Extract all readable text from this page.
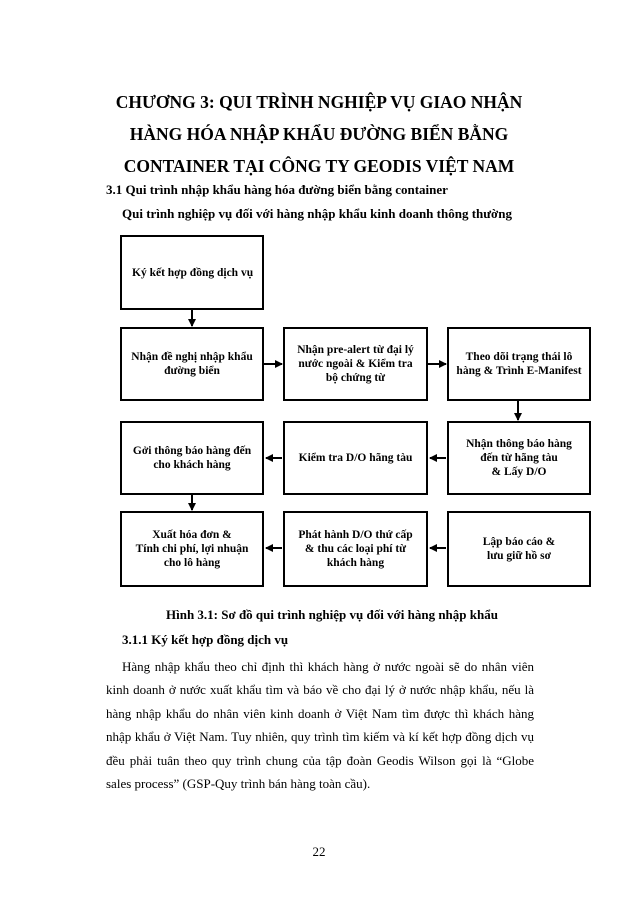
CHƯƠNG 3: QUI TRÌNH NGHIỆP VỤ GIAO NHẬN
HÀNG HÓA NHẬP KHẨU ĐƯỜNG BIỂN BẰNG
CONTAINER TẠI CÔNG TY GEODIS VIỆT NAM
3.1 Qui trình nhập khẩu hàng hóa đường biển bằng container
Qui trình nghiệp vụ đối với hàng nhập khẩu kinh doanh thông thường
Ký kết hợp đồng dịch vụ
Nhận đề nghị nhập khẩu
đường biển
Nhận pre-alert từ đại lý
nước ngoài & Kiểm tra
bộ chứng từ
Theo dõi trạng thái lô
hàng & Trình E-Manifest
Nhận thông báo hàng
đến từ hãng tàu
& Lấy D/O
Kiểm tra D/O hãng tàu
Gởi thông báo hàng đến
cho khách hàng
Xuất hóa đơn &
Tính chi phí, lợi nhuận
cho lô hàng
Phát hành D/O thứ cấp
& thu các loại phí từ
khách hàng
Lập báo cáo &
lưu giữ hồ sơ
Hình 3.1: Sơ đồ qui trình nghiệp vụ đối với hàng nhập khẩu
3.1.1 Ký kết hợp đồng dịch vụ
Hàng nhập khẩu theo chỉ định thì khách hàng ở nước ngoài sẽ do nhân viên kinh doanh ở nước xuất khẩu tìm và báo về cho đại lý ở nước nhập khẩu, nếu là hàng nhập khẩu do nhân viên kinh doanh ở Việt Nam tìm được thì khách hàng nhập khẩu ở Việt Nam. Tuy nhiên, quy trình tìm kiếm và kí kết hợp đồng dịch vụ đều phải tuân theo quy trình chung của tập đoàn Geodis Wilson gọi là “Globe sales process” (GSP-Quy trình bán hàng toàn cầu).
22
